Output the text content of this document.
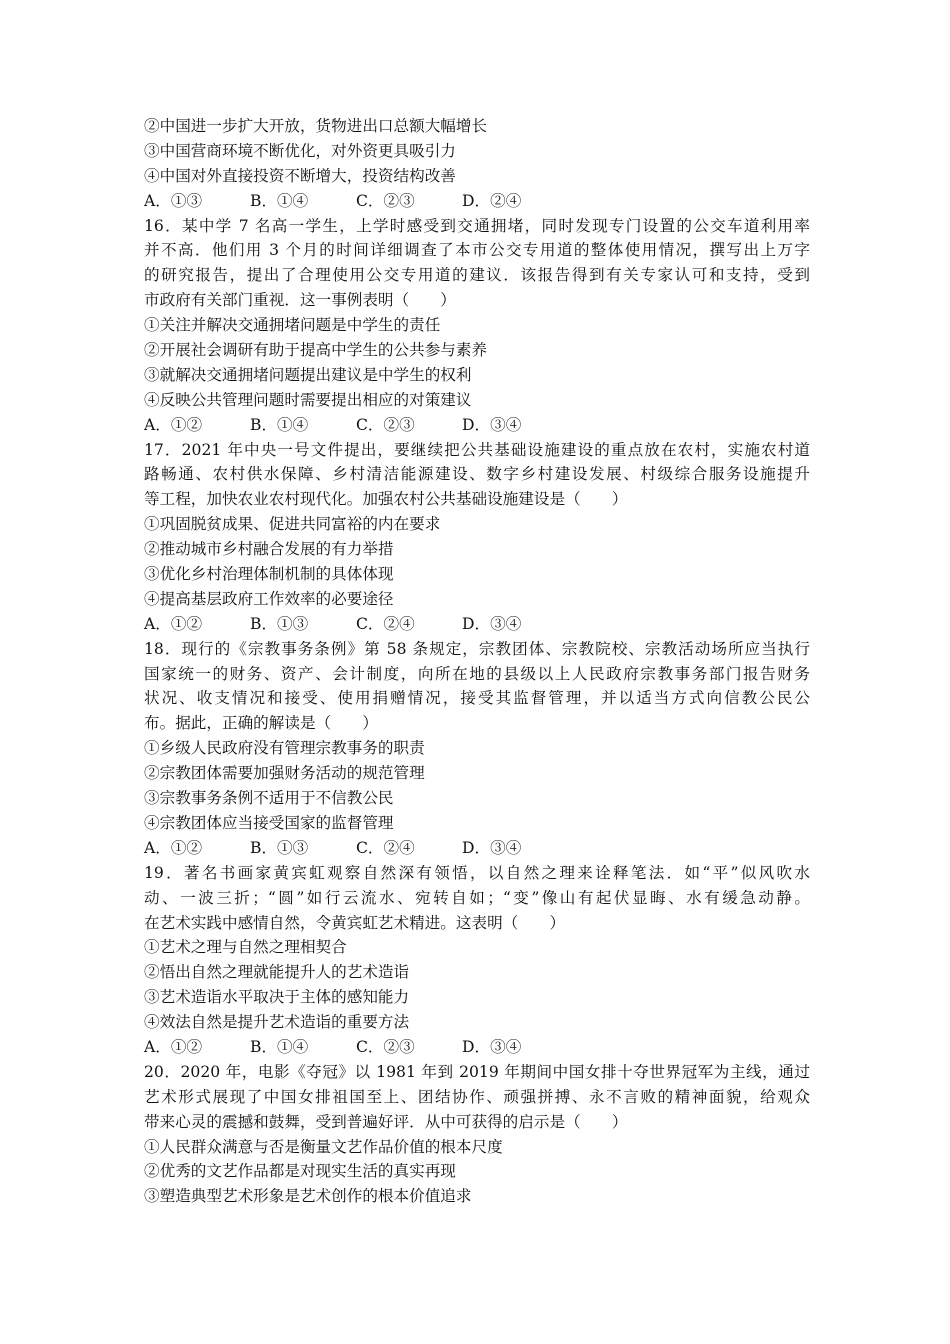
②中国进一步扩大开放，货物进出口总额大幅增长
③中国营商环境不断优化，对外资更具吸引力
④中国对外直接投资不断增大，投资结构改善
A．①③	B．①④	C．②③	D．②④
16．某中学 7 名高一学生，上学时感受到交通拥堵，同时发现专门设置的公交车道利用率
并不高．他们用 3 个月的时间详细调查了本市公交专用道的整体使用情况，撰写出上万字
的研究报告，提出了合理使用公交专用道的建议．该报告得到有关专家认可和支持，受到
市政府有关部门重视．这一事例表明（　　）
①关注并解决交通拥堵问题是中学生的责任
②开展社会调研有助于提高中学生的公共参与素养
③就解决交通拥堵问题提出建议是中学生的权利
④反映公共管理问题时需要提出相应的对策建议
A．①②	B．①④	C．②③	D．③④
17．2021 年中央一号文件提出，要继续把公共基础设施建设的重点放在农村，实施农村道
路畅通、农村供水保障、乡村清洁能源建设、数字乡村建设发展、村级综合服务设施提升
等工程，加快农业农村现代化。加强农村公共基础设施建设是（　　）
①巩固脱贫成果、促进共同富裕的内在要求
②推动城市乡村融合发展的有力举措
③优化乡村治理体制机制的具体体现
④提高基层政府工作效率的必要途径
A．①②	B．①③	C．②④	D．③④
18．现行的《宗教事务条例》第 58 条规定，宗教团体、宗教院校、宗教活动场所应当执行
国家统一的财务、资产、会计制度，向所在地的县级以上人民政府宗教事务部门报告财务
状况、收支情况和接受、使用捐赠情况，接受其监督管理，并以适当方式向信教公民公
布。据此，正确的解读是（　　）
①乡级人民政府没有管理宗教事务的职责
②宗教团体需要加强财务活动的规范管理
③宗教事务条例不适用于不信教公民
④宗教团体应当接受国家的监督管理
A．①②	B．①③	C．②④	D．③④
19．著名书画家黄宾虹观察自然深有领悟，以自然之理来诠释笔法．如“平”似风吹水
动、一波三折；“圆”如行云流水、宛转自如；“变”像山有起伏显晦、水有缓急动静。
在艺术实践中感情自然，令黄宾虹艺术精进。这表明（　　）
①艺术之理与自然之理相契合
②悟出自然之理就能提升人的艺术造诣
③艺术造诣水平取决于主体的感知能力
④效法自然是提升艺术造诣的重要方法
A．①②	B．①④	C．②③	D．③④
20．2020 年，电影《夺冠》以 1981 年到 2019 年期间中国女排十夺世界冠军为主线，通过
艺术形式展现了中国女排祖国至上、团结协作、顽强拼搏、永不言败的精神面貌，给观众
带来心灵的震撼和鼓舞，受到普遍好评．从中可获得的启示是（　　）
①人民群众满意与否是衡量文艺作品价值的根本尺度
②优秀的文艺作品都是对现实生活的真实再现
③塑造典型艺术形象是艺术创作的根本价值追求
